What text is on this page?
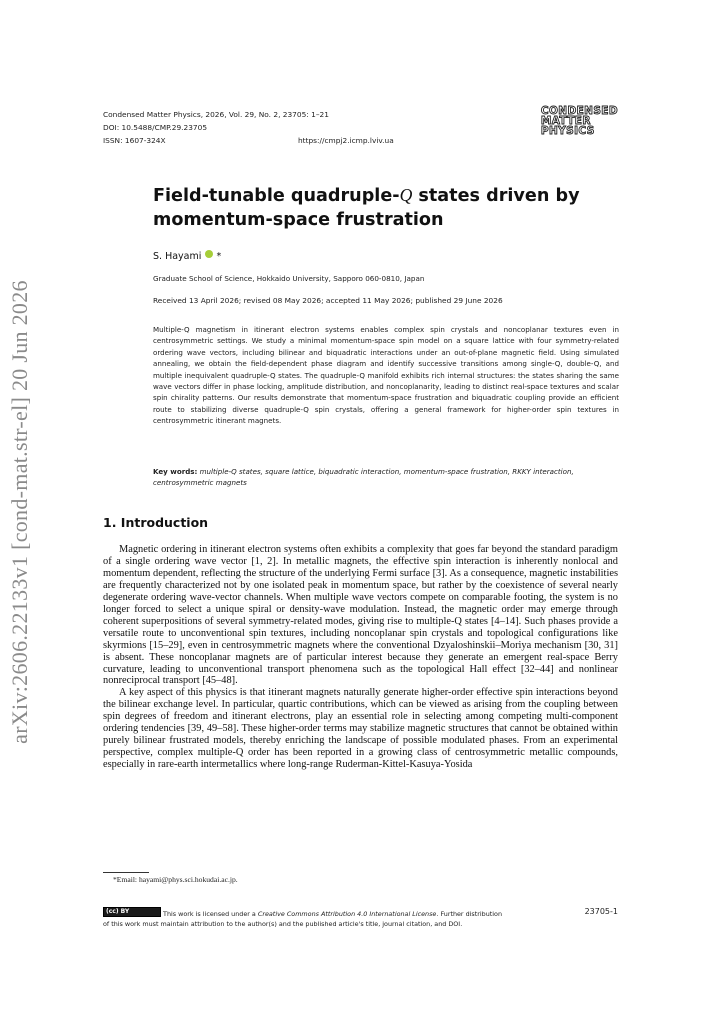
arXiv:2606.22133v1 [cond-mat.str-el] 20 Jun 2026
Condensed Matter Physics, 2026, Vol. 29, No. 2, 23705: 1–21
DOI: 10.5488/CMP.29.23705
ISSN: 1607-324X	https://cmpj2.icmp.lviv.ua
CONDENSED
MATTER
PHYSICS
Field-tunable quadruple-Q states driven by
momentum-space frustration
S. Hayami *
Graduate School of Science, Hokkaido University, Sapporo 060-0810, Japan
Received 13 April 2026; revised 08 May 2026; accepted 11 May 2026; published 29 June 2026
Multiple-Q magnetism in itinerant electron systems enables complex spin crystals and noncoplanar textures even in centrosymmetric settings. We study a minimal momentum-space spin model on a square lattice with four symmetry-related ordering wave vectors, including bilinear and biquadratic interactions under an out-of-plane magnetic field. Using simulated annealing, we obtain the field-dependent phase diagram and identify successive transitions among single-Q, double-Q, and multiple inequivalent quadruple-Q states. The quadruple-Q manifold exhibits rich internal structures: the states sharing the same wave vectors differ in phase locking, amplitude distribution, and noncoplanarity, leading to distinct real-space textures and scalar spin chirality patterns. Our results demonstrate that momentum-space frustration and biquadratic coupling provide an efficient route to stabilizing diverse quadruple-Q spin crystals, offering a general framework for higher-order spin textures in centrosymmetric itinerant magnets.
Key words: multiple-Q states, square lattice, biquadratic interaction, momentum-space frustration, RKKY interaction, centrosymmetric magnets
1. Introduction

Magnetic ordering in itinerant electron systems often exhibits a complexity that goes far beyond the standard paradigm of a single ordering wave vector [1, 2]. In metallic magnets, the effective spin interaction is inherently nonlocal and momentum dependent, reflecting the structure of the underlying Fermi surface [3]. As a consequence, magnetic instabilities are frequently characterized not by one isolated peak in momentum space, but rather by the coexistence of several nearly degenerate ordering wave-vector channels. When multiple wave vectors compete on comparable footing, the system is no longer forced to select a unique spiral or density-wave modulation. Instead, the magnetic order may emerge through coherent superpositions of several symmetry-related modes, giving rise to multiple-Q states [4–14]. Such phases provide a versatile route to unconventional spin textures, including noncoplanar spin crystals and topological configurations like skyrmions [15–29], even in centrosymmetric magnets where the conventional Dzyaloshinskii–Moriya mechanism [30, 31] is absent. These noncoplanar magnets are of particular interest because they generate an emergent real-space Berry curvature, leading to unconventional transport phenomena such as the topological Hall effect [32–44] and nonlinear nonreciprocal transport [45–48].

A key aspect of this physics is that itinerant magnets naturally generate higher-order effective spin interactions beyond the bilinear exchange level. In particular, quartic contributions, which can be viewed as arising from the coupling between spin degrees of freedom and itinerant electrons, play an essential role in selecting among competing multi-component ordering tendencies [39, 49–58]. These higher-order terms may stabilize magnetic structures that cannot be obtained within purely bilinear frustrated models, thereby enriching the landscape of possible modulated phases. From an experimental perspective, complex multiple-Q order has been reported in a growing class of centrosymmetric metallic compounds, especially in rare-earth intermetallics where long-range Ruderman-Kittel-Kasuya-Yosida

*Email: hayami@phys.sci.hokudai.ac.jp.
(cc) BY	This work is licensed under a Creative Commons Attribution 4.0 International License. Further distribution
of this work must maintain attribution to the author(s) and the published article's title, journal citation, and DOI.
23705-1
